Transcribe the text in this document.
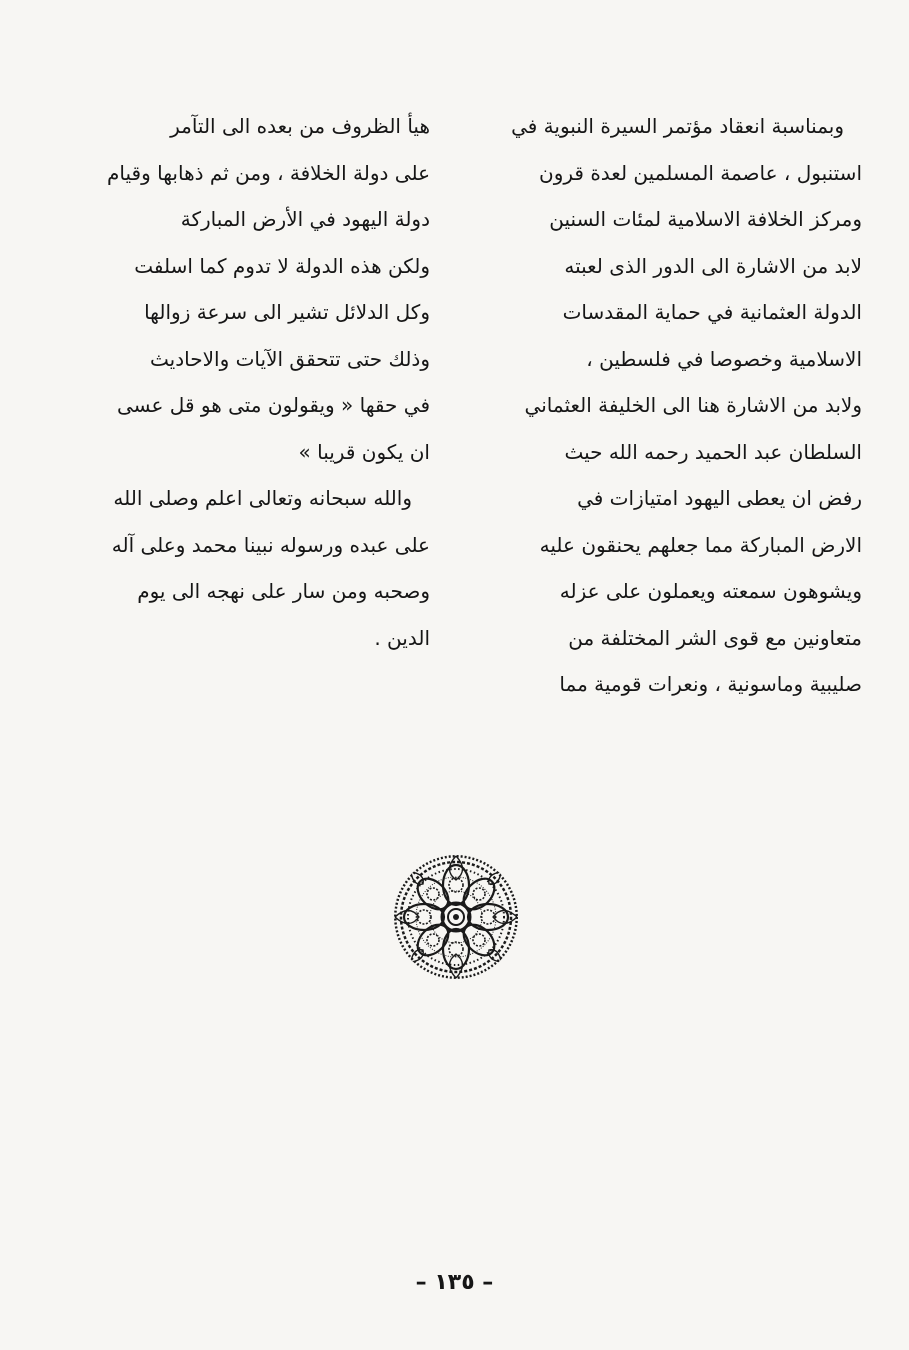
وبمناسبة انعقاد مؤتمر السيرة النبوية في
استنبول ، عاصمة المسلمين لعدة قرون
ومركز الخلافة الاسلامية لمئات السنين
لابد من الاشارة الى الدور الذى لعبته
الدولة العثمانية في حماية المقدسات
الاسلامية وخصوصا في فلسطين ،
ولابد من الاشارة هنا الى الخليفة العثماني
السلطان عبد الحميد رحمه الله حيث
رفض ان يعطى اليهود امتيازات في
الارض المباركة مما جعلهم يحنقون عليه
ويشوهون سمعته ويعملون على عزله
متعاونين مع قوى الشر المختلفة من
صليبية وماسونية ، ونعرات قومية مما
هيأ الظروف من بعده الى التآمر
على دولة الخلافة ، ومن ثم ذهابها وقيام
دولة اليهود في الأرض المباركة
ولكن هذه الدولة لا تدوم كما اسلفت
وكل الدلائل تشير الى سرعة زوالها
وذلك حتى تتحقق الآيات والاحاديث
في حقها « ويقولون متى هو قل عسى
ان يكون قريبا »
والله سبحانه وتعالى اعلم وصلى الله
على عبده ورسوله نبينا محمد وعلى آله
وصحبه ومن سار على نهجه الى يوم
الدين .
– ١٣٥ –
